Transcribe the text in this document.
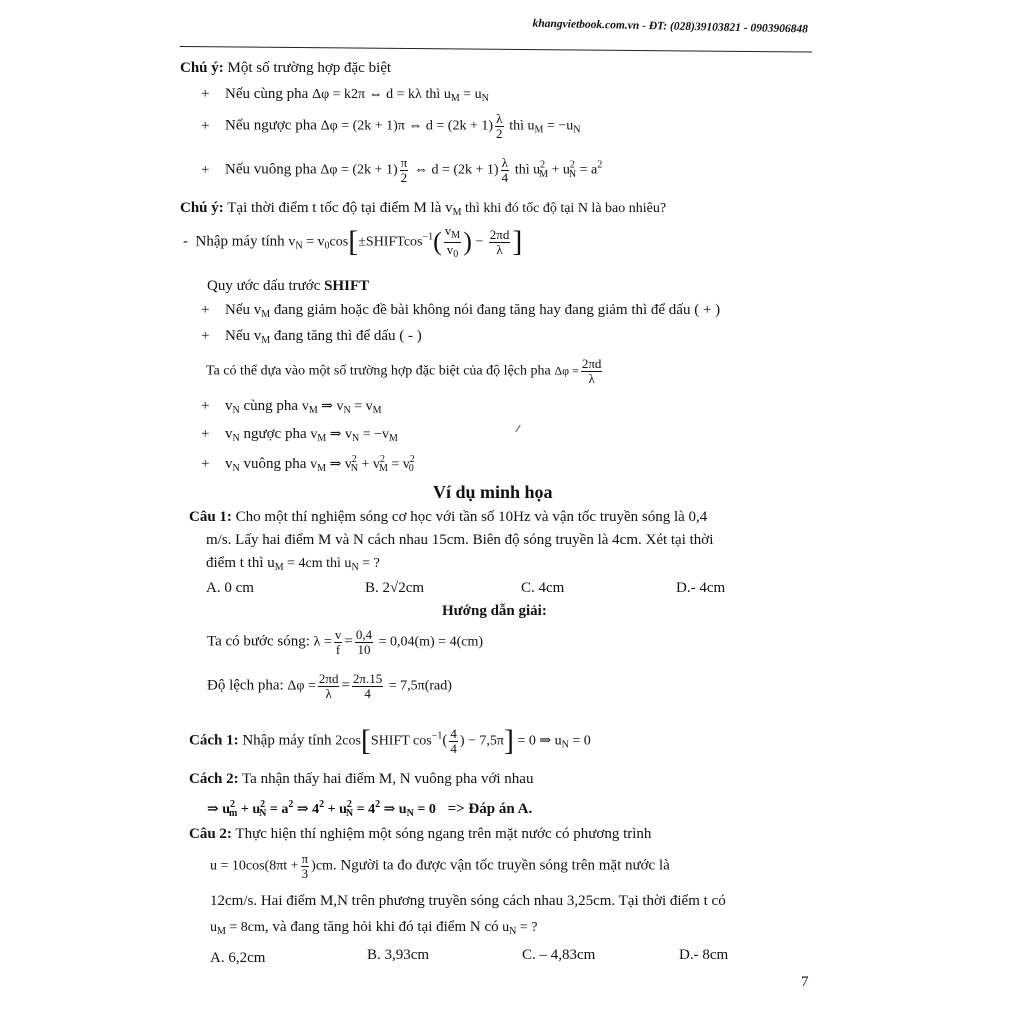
khangvietbook.com.vn - ĐT: (028)39103821 - 0903906848
Chú ý: Một số trường hợp đặc biệt
+ Nếu cùng pha Δφ = k2π ⇔ d = kλ thì $u_M = u_N$
+ Nếu ngược pha Δφ = (2k + 1)π ⇔ $d = (2k + 1) \frac{\lambda}{2}$ thì $u_M = -u_N$
+ Nếu vuông pha $\Delta\varphi = (2k + 1) \frac{\pi}{2}$ ⇔ $d = (2k + 1) \frac{\lambda}{4}$ thì $u^2_M + u^2_N = a^2$
Chú ý: Tại thời điểm t tốc độ tại điểm M là $v_M$ thì khi đó tốc độ tại N là bao nhiêu?
-  Nhập máy tính $v_N$ = $v_0\cos[\pm SHIFTcos^{-1}( \frac{v_M}{v_0}$ ) − $\frac{2\pi d}{\lambda}$ ]
Quy ước dấu trước SHIFT
+ Nếu $v_M$ đang giảm hoặc đề bài không nói đang tăng hay đang giảm thì để dấu ( + )
+ Nếu $v_M$ đang tăng thì để dấu ( - )
Ta có thể dựa vào một số trường hợp đặc biệt của độ lệch pha $\Delta\varphi = \frac{2\pi d}{\lambda}$
+ $v_N$ cùng pha $v_M$ ⇒ $v_N = v_M$
+ $v_N$ ngược pha $v_M$ ⇒ $v_N = -v_M$
+ $v_N$ vuông pha $v_M$ ⇒ $v^2_N + v^2_M = v^2_0$
Ví dụ minh họa
Câu 1: Cho một thí nghiệm sóng cơ học với tần số 10Hz và vận tốc truyền sóng là 0,4
m/s. Lấy hai điểm M và N cách nhau 15cm. Biên độ sóng truyền là 4cm. Xét tại thời
điểm t thì $u_M = 4cm$ thì $u_N$ = ?
A. 0 cm	B. 2√2cm	C. 4cm	D.- 4cm
Hướng dẫn giải:
Ta có bước sóng: $\lambda = \frac{v}{f} = \frac{0,4}{10} = 0,04(m) = 4(cm)$
Độ lệch pha: $\Delta\varphi = \frac{2\pi d}{\lambda} = \frac{2\pi.15}{4} = 7,5\pi(rad)$
Cách 1: Nhập máy tính 2cos[SHIFT $\cos^{-1}( \frac{4}{4}$ ) − 7,5π] = 0 ⇒ $u_N = 0$
Cách 2: Ta nhận thấy hai điểm M, N vuông pha với nhau
⇒ $u^2_m + u^2_N = a^2$ ⇒ $4^2 + u^2_N = 4^2$ ⇒ $u_N = 0$ => Đáp án A.
Câu 2: Thực hiện thí nghiệm một sóng ngang trên mặt nước có phương trình
$u = 10\cos(8\pi t + \frac{\pi}{3} )cm$. Người ta đo được vận tốc truyền sóng trên mặt nước là
12cm/s. Hai điểm M,N trên phương truyền sóng cách nhau 3,25cm. Tại thời điểm t có
$u_M = 8cm$, và đang tăng hỏi khi đó tại điểm N có $u_N$ = ?
A. 6,2cm	B. 3,93cm	C. – 4,83cm	D.- 8cm
7
